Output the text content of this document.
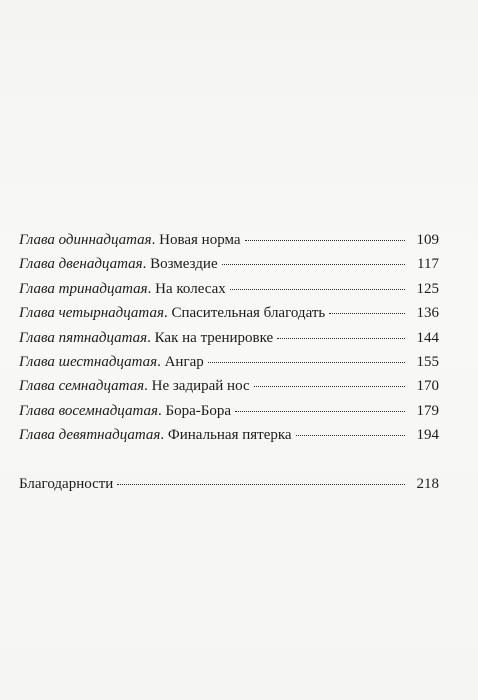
Глава одиннадцатая . Новая норма	109
Глава двенадцатая . Возмездие	117
Глава тринадцатая . На колесах	125
Глава четырнадцатая . Спасительная благодать	136
Глава пятнадцатая . Как на тренировке	144
Глава шестнадцатая . Ангар	155
Глава семнадцатая . Не задирай нос	170
Глава восемнадцатая . Бора-Бора	179
Глава девятнадцатая . Финальная пятерка	194
Благодарности	218
